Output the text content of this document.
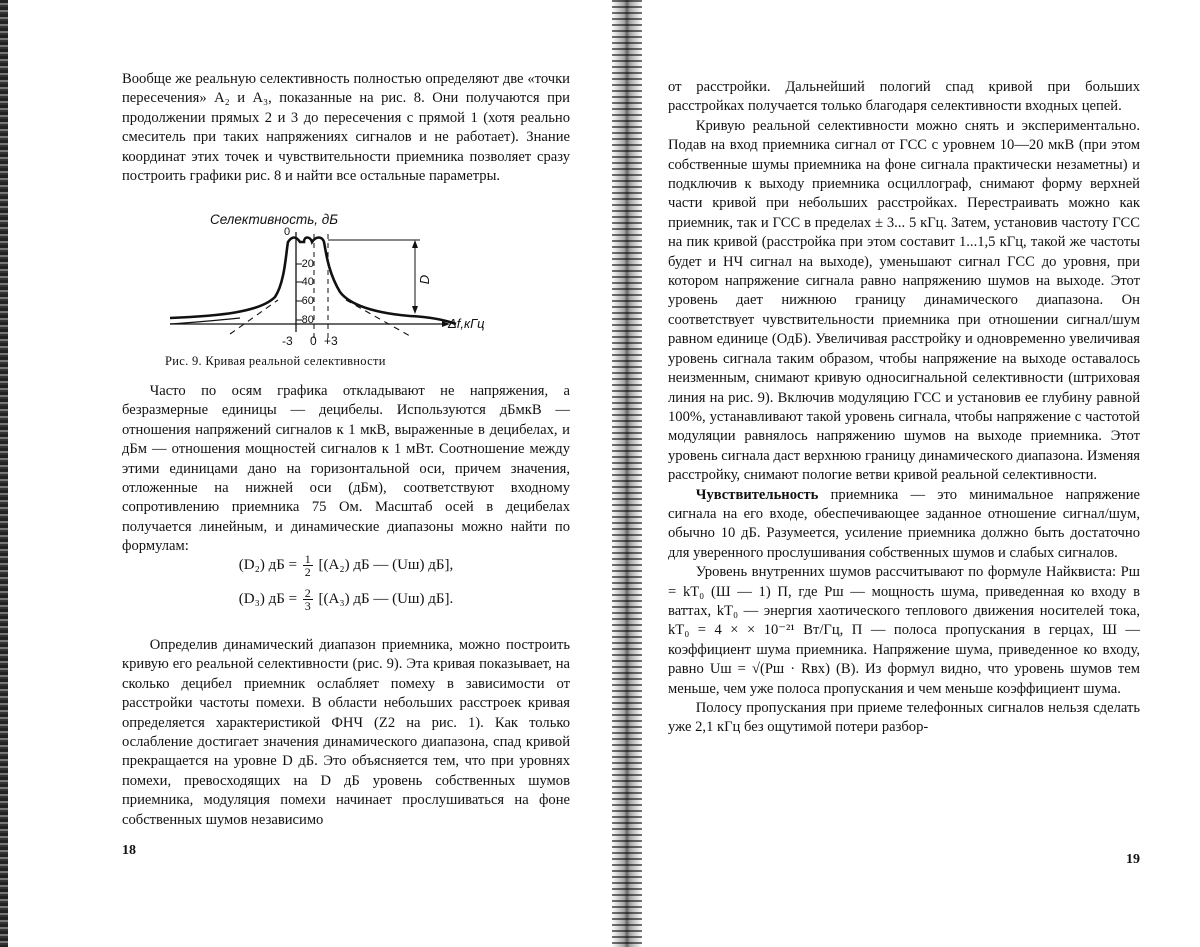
Вообще же реальную селективность полностью определяют две «точки пересечения» A₂ и A₃, показанные на рис. 8. Они получаются при продолжении прямых 2 и 3 до пересечения с прямой 1 (хотя реально смеситель при таких напряжениях сигналов и не работает). Знание координат этих точек и чувствительности приемника позволяет сразу построить графики рис. 8 и найти все остальные параметры.

Селективность, дБ
0
-20
-40
-60
-80
-3 0 +3
D
Δf,кГц
Рис. 9. Кривая реальной селективности

Часто по осям графика откладывают не напряжения, а безразмерные единицы — децибелы. Используются дБмкВ — отношения напряжений сигналов к 1 мкВ, выраженные в децибелах, и дБм — отношения мощностей сигналов к 1 мВт. Соотношение между этими единицами дано на горизонтальной оси, причем значения, отложенные на нижней оси (дБм), соответствуют входному сопротивлению приемника 75 Ом. Масштаб осей в децибелах получается линейным, и динамические диапазоны можно найти по формулам:

(D₂) дБ = $\frac{1}{2} [(A_2)$ дБ — (Uш) дБ],
(D₃) дБ = $\frac{2}{3} [(A_3)$ дБ — (Uш) дБ].

Определив динамический диапазон приемника, можно построить кривую его реальной селективности (рис. 9). Эта кривая показывает, на сколько децибел приемник ослабляет помеху в зависимости от расстройки частоты помехи. В области небольших расстроек кривая определяется характеристикой ФНЧ (Z2 на рис. 1). Как только ослабление достигает значения динамического диапазона, спад кривой прекращается на уровне D дБ. Это объясняется тем, что при уровнях помехи, превосходящих на D дБ уровень собственных шумов приемника, модуляция помехи начинает прослушиваться на фоне собственных шумов независимо

18

от расстройки. Дальнейший пологий спад кривой при больших расстройках получается только благодаря селективности входных цепей.

Кривую реальной селективности можно снять и экспериментально. Подав на вход приемника сигнал от ГСС с уровнем 10—20 мкВ (при этом собственные шумы приемника на фоне сигнала практически незаметны) и подключив к выходу приемника осциллограф, снимают форму верхней части кривой при небольших расстройках. Перестраивать можно как приемник, так и ГСС в пределах ± 3... 5 кГц. Затем, установив частоту ГСС на пик кривой (расстройка при этом составит 1...1,5 кГц, такой же частоты будет и НЧ сигнал на выходе), уменьшают сигнал ГСС до уровня, при котором напряжение сигнала равно напряжению шумов на выходе. Этот уровень дает нижнюю границу динамического диапазона. Он соответствует чувствительности приемника при отношении сигнал/шум равном единице (ОдБ). Увеличивая расстройку и одновременно увеличивая уровень сигнала таким образом, чтобы напряжение на выходе оставалось неизменным, снимают кривую односигнальной селективности (штриховая линия на рис. 9). Включив модуляцию ГСС и установив ее глубину равной 100%, устанавливают такой уровень сигнала, чтобы напряжение с частотой модуляции равнялось напряжению шумов на выходе приемника. Этот уровень сигнала даст верхнюю границу динамического диапазона. Изменяя расстройку, снимают пологие ветви кривой реальной селективности.

Чувствительность приемника — это минимальное напряжение сигнала на его входе, обеспечивающее заданное отношение сигнал/шум, обычно 10 дБ. Разумеется, усиление приемника должно быть достаточно для уверенного прослушивания собственных шумов и слабых сигналов.

Уровень внутренних шумов рассчитывают по формуле Найквиста: Pш = kT₀ (Ш — 1) П, где Pш — мощность шума, приведенная ко входу в ваттах, kT₀ — энергия хаотического теплового движения носителей тока, kT₀ = 4 × × 10⁻²¹ Вт/Гц, П — полоса пропускания в герцах, Ш — коэффициент шума приемника. Напряжение шума, приведенное ко входу, равно Uш = √(Pш · Rвх) (В). Из формул видно, что уровень шумов тем меньше, чем уже полоса пропускания и чем меньше коэффициент шума.

Полосу пропускания при приеме телефонных сигналов нельзя сделать уже 2,1 кГц без ощутимой потери разбор-

19
